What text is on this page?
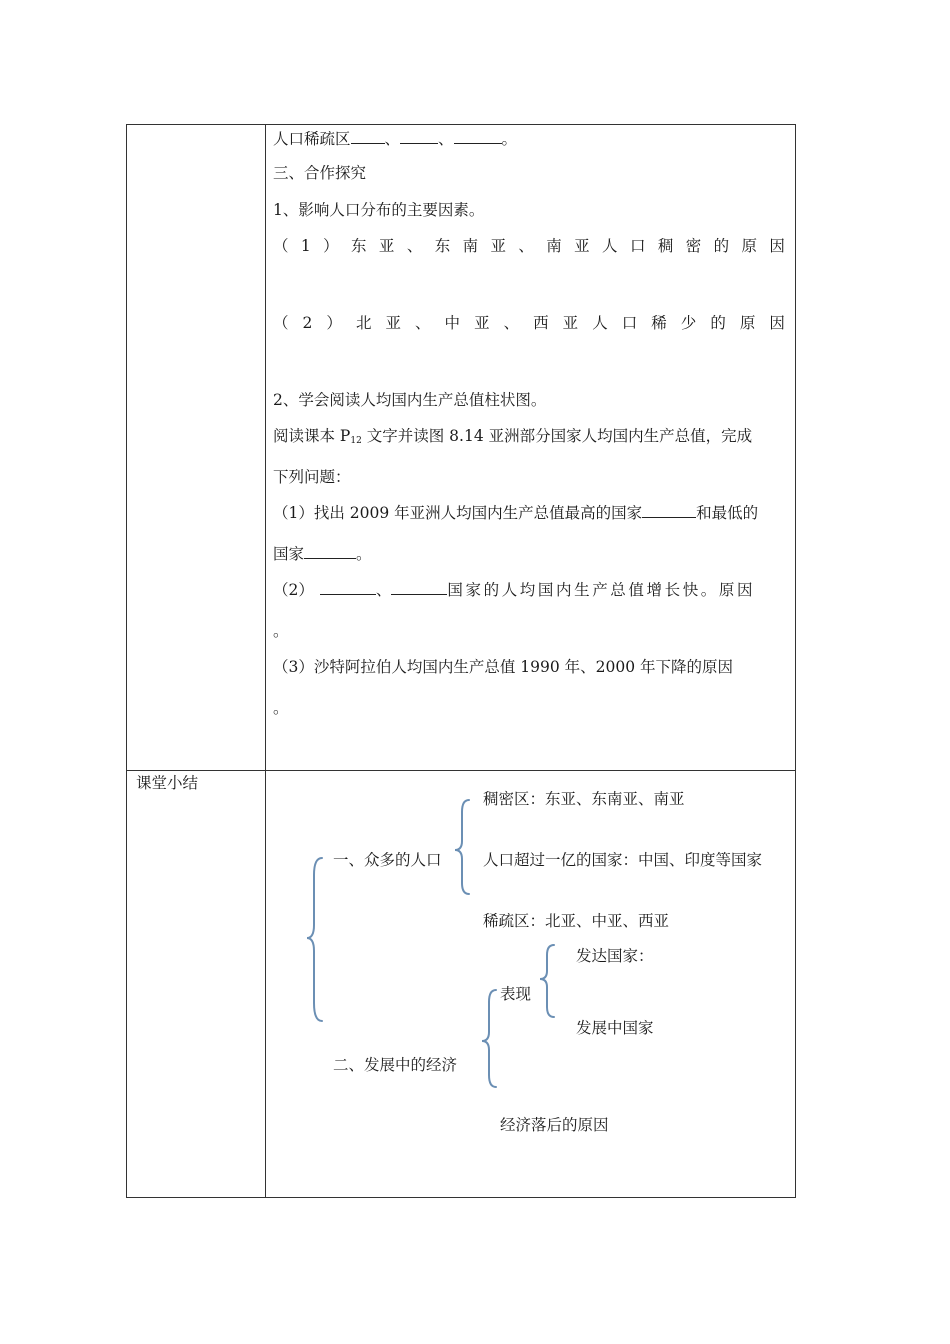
人口稀疏区 、 、	。
三、合作探究
1、影响人口分布的主要因素。
（ 1 ） 东 亚 、 东 南 亚 、 南 亚 人 口 稠 密 的 原 因
（ 2 ） 北 亚 、 中 亚 、 西 亚 人 口 稀 少 的 原 因
2、学会阅读人均国内生产总值柱状图。
阅读课本 $P_{12}$ 文字并读图 8.14 亚洲部分国家人均国内生产总值，完成
下列问题：
（1）找出 2009 年亚洲人均国内生产总值最高的国家	和最低的
国家	。
（2）	、	国家的人均国内生产总值增长快。原因
。
（3）沙特阿拉伯人均国内生产总值 1990 年、2000 年下降的原因
。
课堂小结
一、众多的人口
稠密区：东亚、东南亚、南亚
人口超过一亿的国家：中国、印度等国家
稀疏区：北亚、中亚、西亚
表现
发达国家：
发展中国家
二、发展中的经济
经济落后的原因
